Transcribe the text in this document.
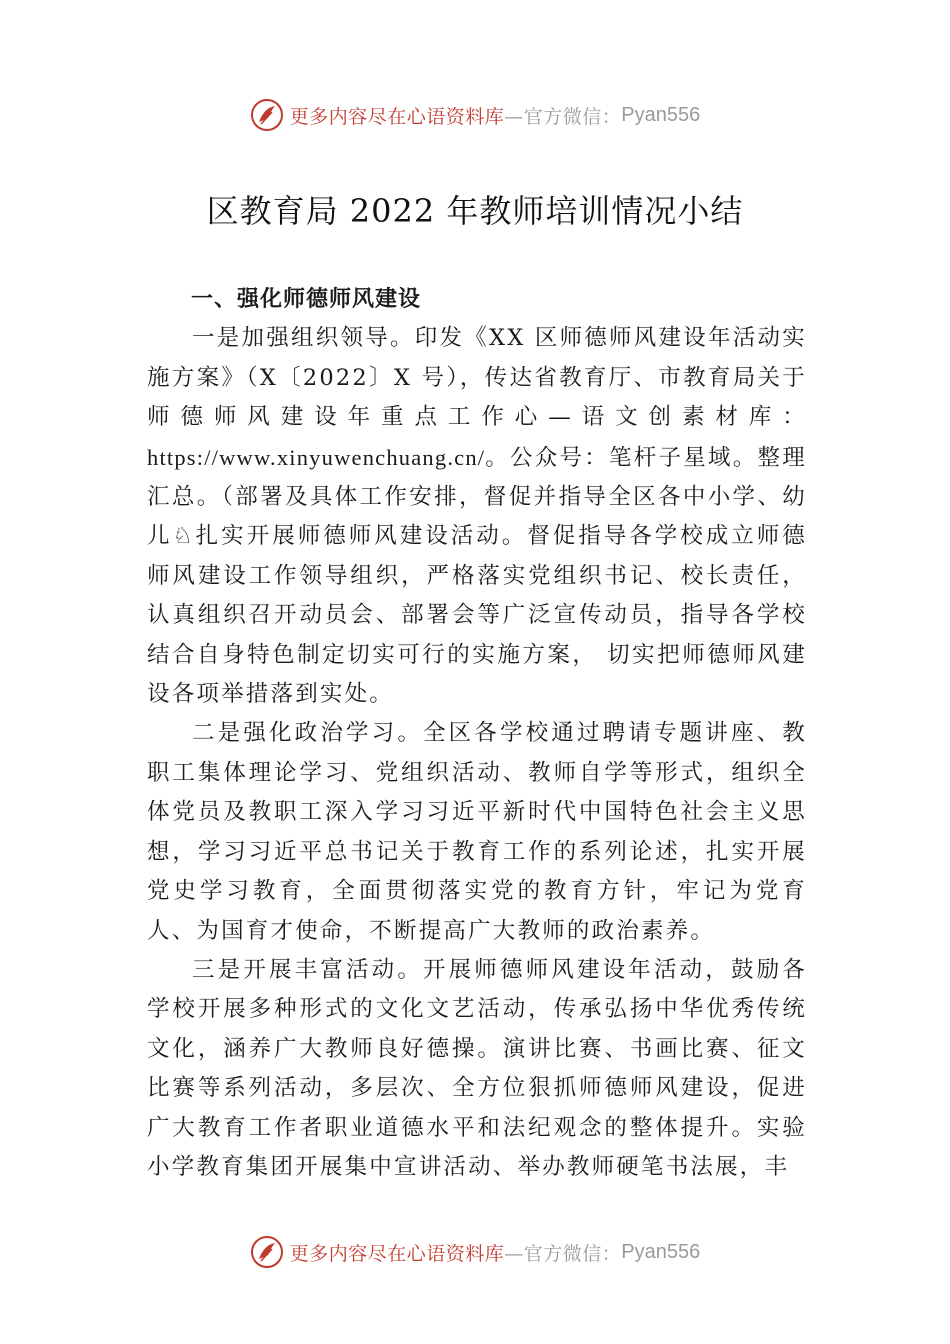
更多内容尽在心语资料库 —官方微信： Pyan556
区教育局 2022 年教师培训情况小结
一、强化师德师风建设

一是加强组织领导。印发《XX 区师德师风建设年活动实施方案》（X〔2022〕X 号），传达省教育厅、市教育局关于师德师风建设年重点工作心—语文创素材库：https://www.xinyuwenchuang.cn/。公众号：笔杆子星域。整理汇总。（部署及具体工作安排，督促并指导全区各中小学、幼儿♘扎实开展师德师风建设活动。督促指导各学校成立师德师风建设工作领导组织，严格落实党组织书记、校长责任，认真组织召开动员会、部署会等广泛宣传动员，指导各学校结合自身特色制定切实可行的实施方案， 切实把师德师风建设各项举措落到实处。

二是强化政治学习。全区各学校通过聘请专题讲座、教职工集体理论学习、党组织活动、教师自学等形式，组织全体党员及教职工深入学习习近平新时代中国特色社会主义思想，学习习近平总书记关于教育工作的系列论述，扎实开展党史学习教育，全面贯彻落实党的教育方针，牢记为党育人、为国育才使命，不断提高广大教师的政治素养。

三是开展丰富活动。开展师德师风建设年活动，鼓励各学校开展多种形式的文化文艺活动，传承弘扬中华优秀传统文化，涵养广大教师良好德操。演讲比赛、书画比赛、征文比赛等系列活动，多层次、全方位狠抓师德师风建设，促进广大教育工作者职业道德水平和法纪观念的整体提升。实验小学教育集团开展集中宣讲活动、举办教师硬笔书法展，丰

更多内容尽在心语资料库 —官方微信： Pyan556
